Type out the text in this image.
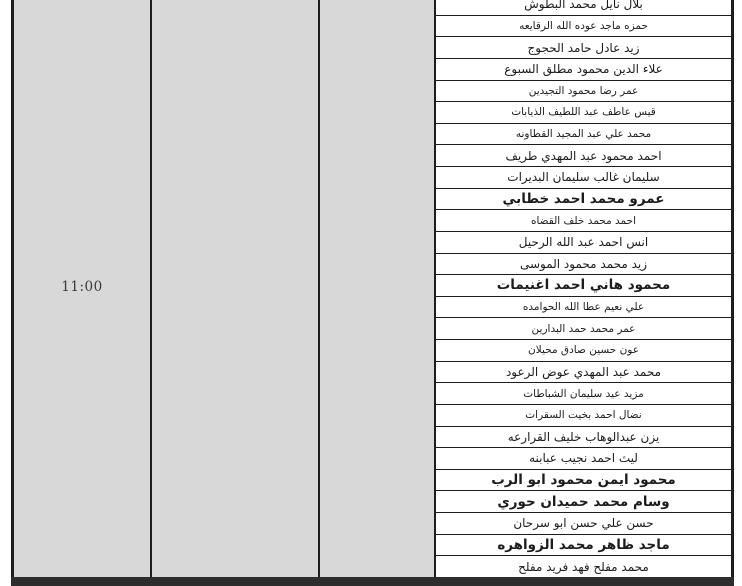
بلال نايل محمد البطوش
حمزه ماجد عوده الله الرقايعه
زيد عادل حامد الحجوج
علاء الدين محمود مطلق السبوع
عمر رضا محمود التجيدين
قيس عاطف عبد اللطيف الذيابات
محمد علي عبد المجيد القطاونه
احمد محمود عبد المهدي طريف
سليمان غالب سليمان البديرات
عمرو محمد احمد خطابي
احمد محمد خلف القضاه
انس احمد عبد الله الرحيل
زيد محمد محمود الموسى
محمود هاني احمد اغنيمات
علي نعيم عطا الله الحوامده
عمر محمد حمد البدارين
عون حسين صادق محيلان
محمد عبد المهدي عوض الرعود
مزيد عيد سليمان الشباطات
نضال احمد بخيت السقرات
يزن عبدالوهاب خليف القرارعه
ليث احمد نجيب عبابنه
محمود ايمن محمود ابو الرب
وسام محمد حميدان حوري
حسن علي حسن ابو سرحان
ماجد ظاهر محمد الزواهره
محمد مفلح فهد فريد مفلح
11:00
